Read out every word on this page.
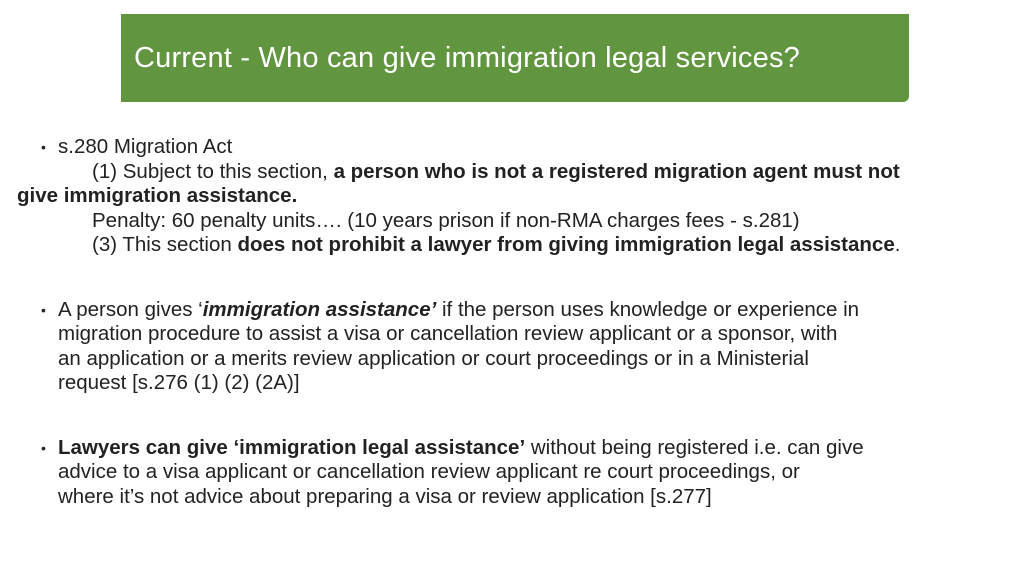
Current - Who can give immigration legal services?
• s.280 Migration Act
(1) Subject to this section, a person who is not a registered migration agent must not
give immigration assistance.
Penalty: 60 penalty units…. (10 years prison if non-RMA charges fees - s.281)
(3) This section does not prohibit a lawyer from giving immigration legal assistance.
• A person gives ‘immigration assistance’ if the person uses knowledge or experience in
migration procedure to assist a visa or cancellation review applicant or a sponsor, with
an application or a merits review application or court proceedings or in a Ministerial
request [s.276 (1) (2) (2A)]
• Lawyers can give ‘immigration legal assistance’ without being registered i.e. can give
advice to a visa applicant or cancellation review applicant re court proceedings, or
where it’s not advice about preparing a visa or review application [s.277]
